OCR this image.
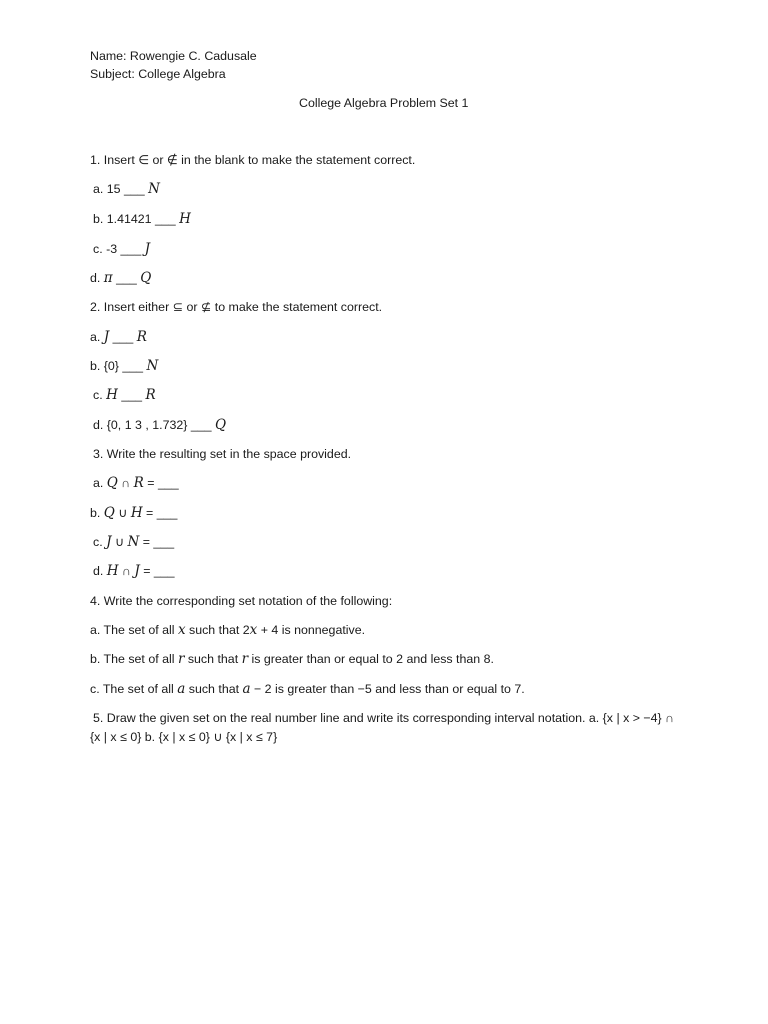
Name: Rowengie C. Cadusale
Subject: College Algebra
College Algebra Problem Set 1
1. Insert ∈ or ∉ in the blank to make the statement correct.
a. 15 ___ N
b. 1.41421 ___ H
c. -3 ___ J
d. π ___ Q
2. Insert either ⊆ or ⊈ to make the statement correct.
a. J ___ R
b. {0} ___ N
c. H ___ R
d. {0, 1 3 , 1.732} ___ Q
3. Write the resulting set in the space provided.
a. Q ∩ R = ___
b. Q ∪ H = ___
c. J ∪ N = ___
d. H ∩ J = ___
4. Write the corresponding set notation of the following:
a. The set of all x such that 2x + 4 is nonnegative.
b. The set of all r such that r is greater than or equal to 2 and less than 8.
c. The set of all a such that a − 2 is greater than −5 and less than or equal to 7.
5. Draw the given set on the real number line and write its corresponding interval notation. a. {x | x > −4} ∩ {x | x ≤ 0} b. {x | x ≤ 0} ∪ {x | x ≤ 7}
